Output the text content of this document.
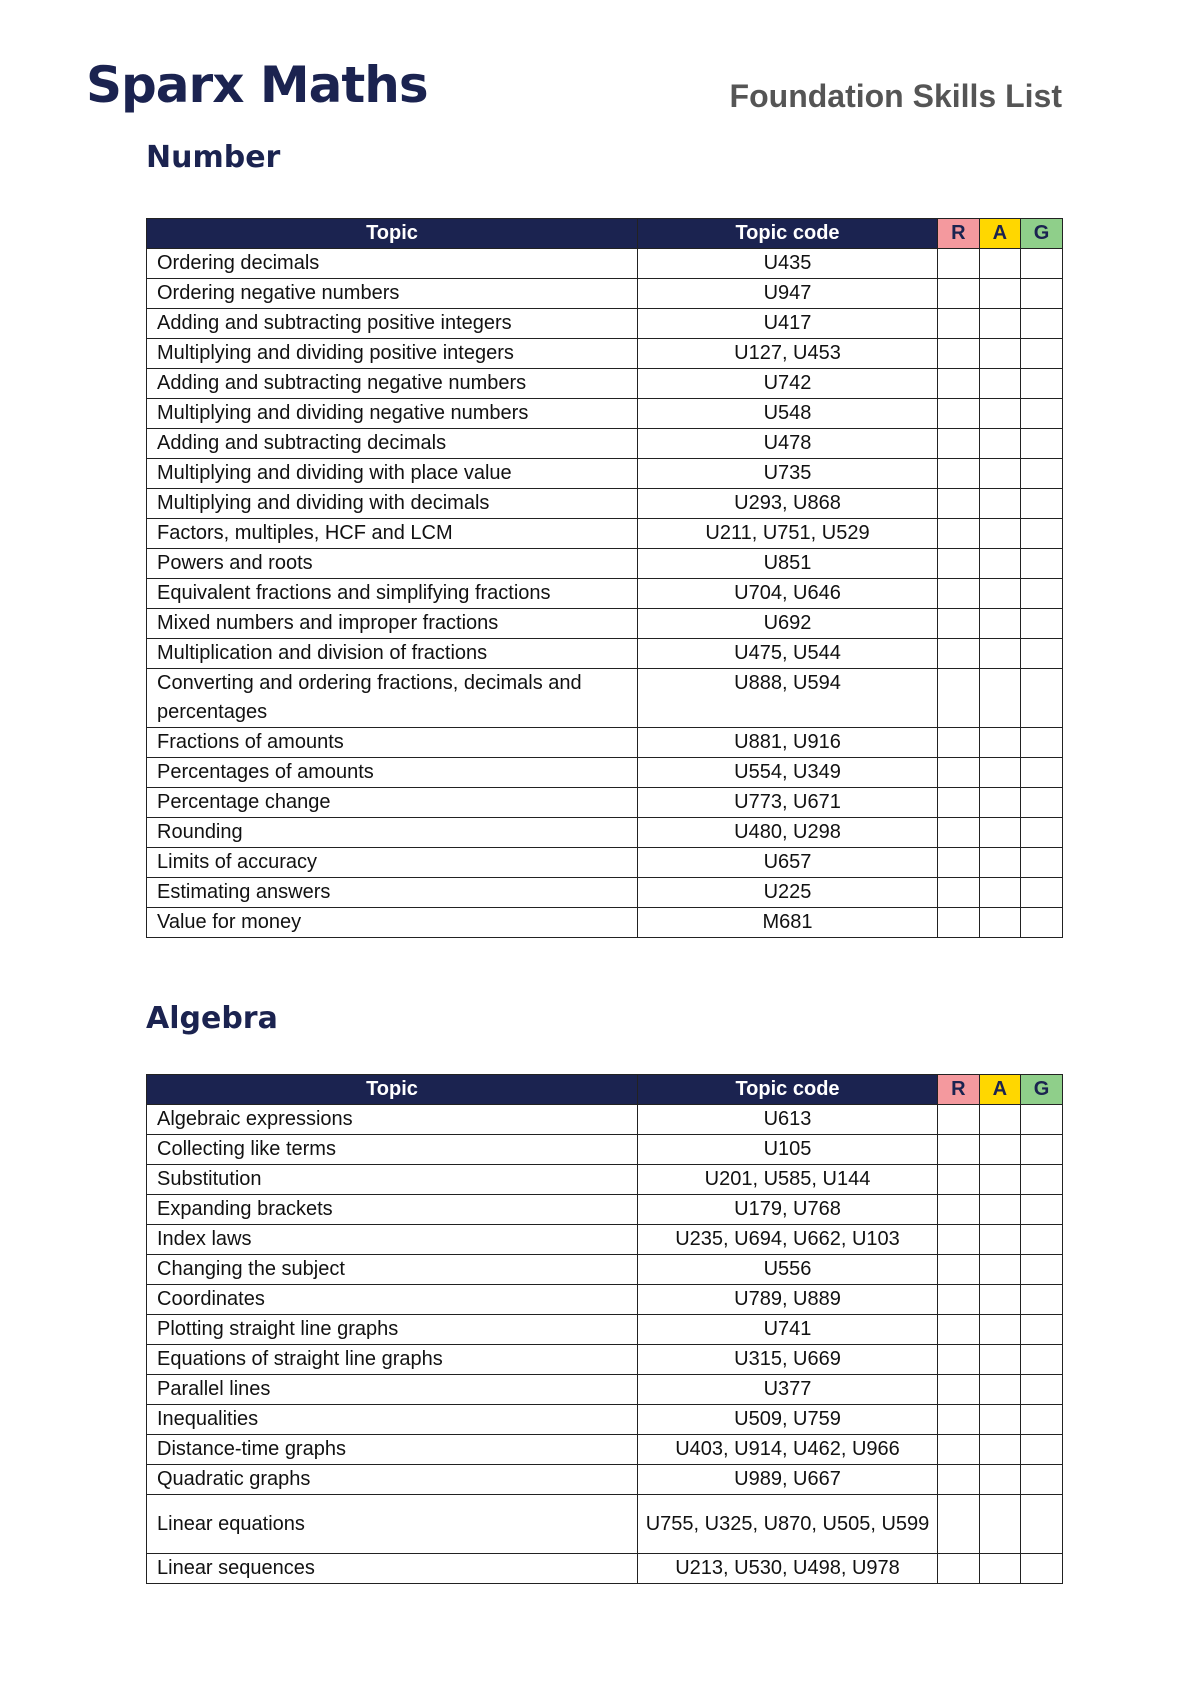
Sparx Maths	Foundation Skills List
Number
Topic	Topic code	R	A	G
Ordering decimals	U435			
Ordering negative numbers	U947			
Adding and subtracting positive integers	U417			
Multiplying and dividing positive integers	U127, U453			
Adding and subtracting negative numbers	U742			
Multiplying and dividing negative numbers	U548			
Adding and subtracting decimals	U478			
Multiplying and dividing with place value	U735			
Multiplying and dividing with decimals	U293, U868			
Factors, multiples, HCF and LCM	U211, U751, U529			
Powers and roots	U851			
Equivalent fractions and simplifying fractions	U704, U646			
Mixed numbers and improper fractions	U692			
Multiplication and division of fractions	U475, U544			
Converting and ordering fractions, decimals and percentages	U888, U594			
Fractions of amounts	U881, U916			
Percentages of amounts	U554, U349			
Percentage change	U773, U671			
Rounding	U480, U298			
Limits of accuracy	U657			
Estimating answers	U225			
Value for money	M681			
Algebra
Topic	Topic code	R	A	G
Algebraic expressions	U613			
Collecting like terms	U105			
Substitution	U201, U585, U144			
Expanding brackets	U179, U768			
Index laws	U235, U694, U662, U103			
Changing the subject	U556			
Coordinates	U789, U889			
Plotting straight line graphs	U741			
Equations of straight line graphs	U315, U669			
Parallel lines	U377			
Inequalities	U509, U759			
Distance-time graphs	U403, U914, U462, U966			
Quadratic graphs	U989, U667			
Linear equations	U755, U325, U870, U505, U599			
Linear sequences	U213, U530, U498, U978			
